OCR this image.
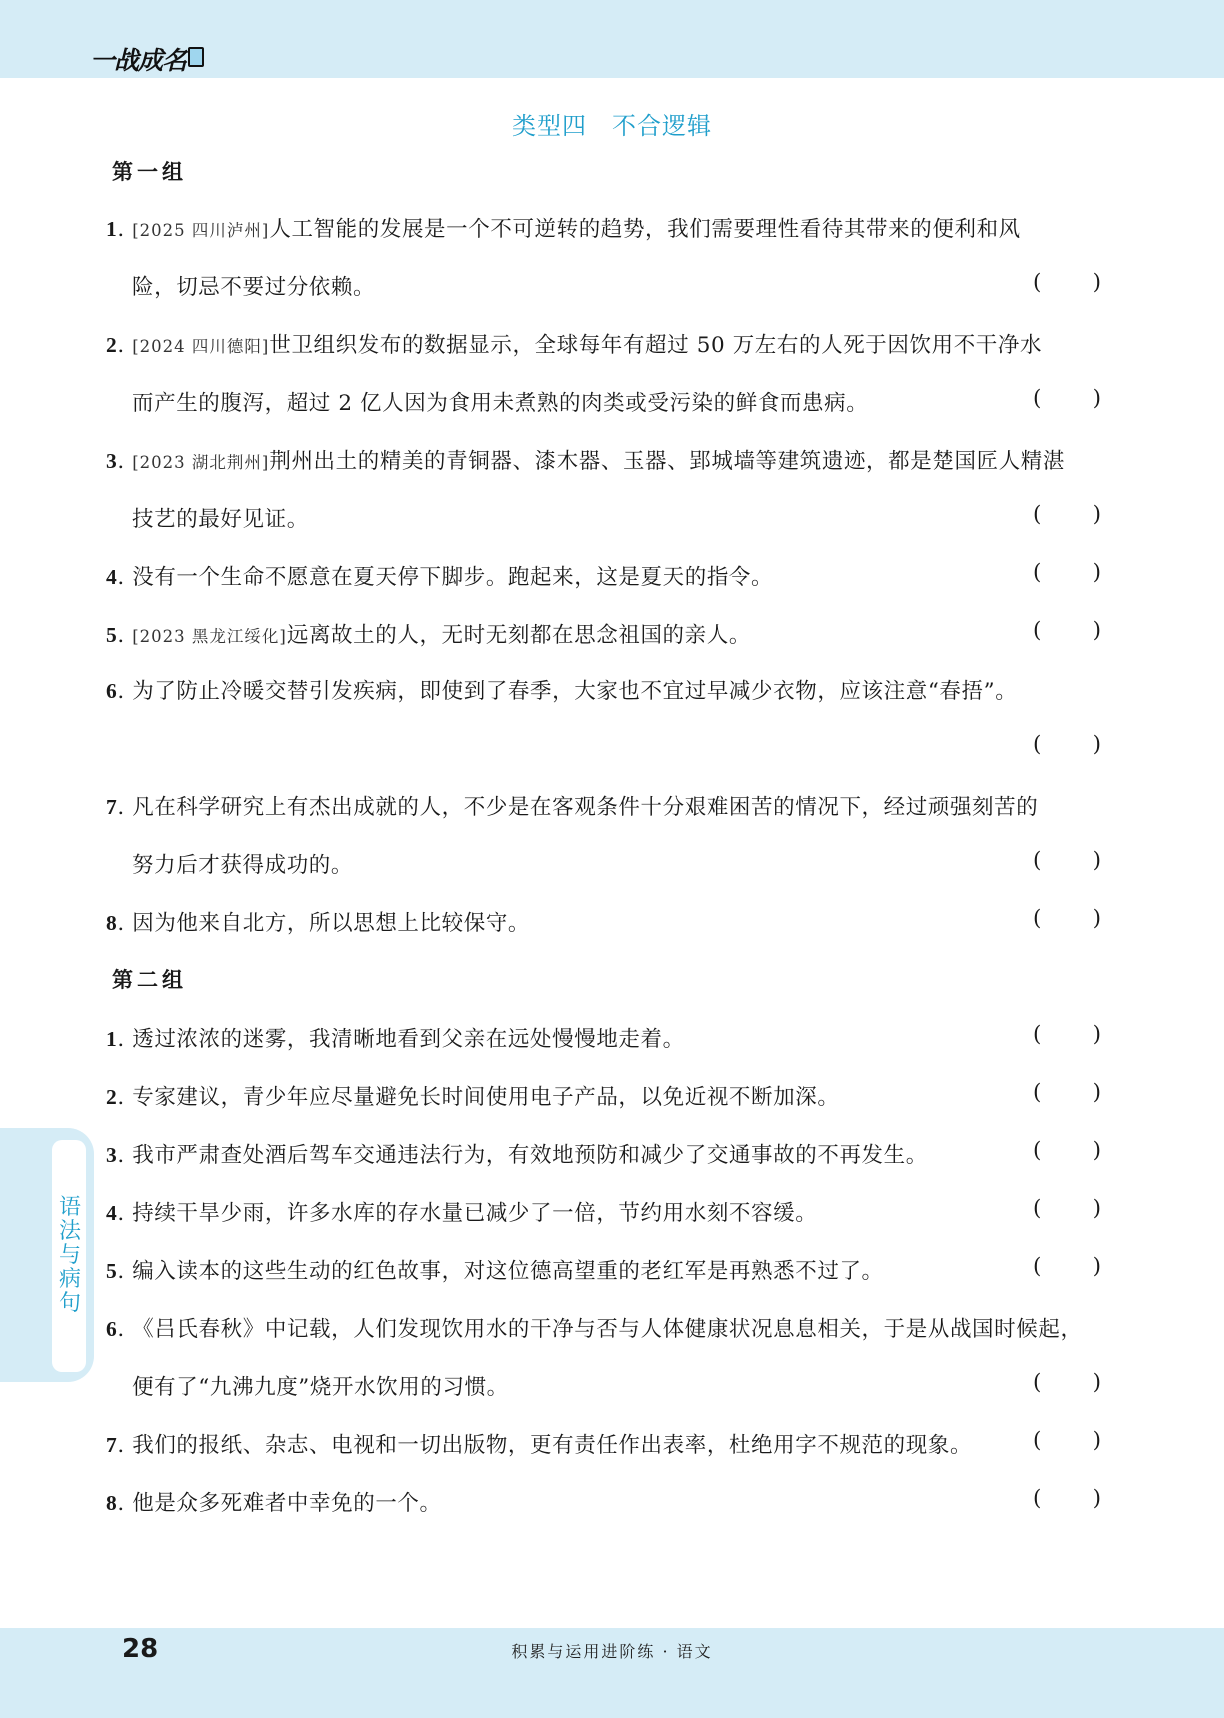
一战成名
类型四　不合逻辑
第一组
1. [2025 四川泸州]人工智能的发展是一个不可逆转的趋势，我们需要理性看待其带来的便利和风
险，切忌不要过分依赖。	( )
2. [2024 四川德阳]世卫组织发布的数据显示，全球每年有超过 50 万左右的人死于因饮用不干净水
而产生的腹泻，超过 2 亿人因为食用未煮熟的肉类或受污染的鲜食而患病。	( )
3. [2023 湖北荆州]荆州出土的精美的青铜器、漆木器、玉器、郢城墙等建筑遗迹，都是楚国匠人精湛
技艺的最好见证。	( )
4. 没有一个生命不愿意在夏天停下脚步。跑起来，这是夏天的指令。	( )
5. [2023 黑龙江绥化]远离故土的人，无时无刻都在思念祖国的亲人。	( )
6. 为了防止冷暖交替引发疾病，即使到了春季，大家也不宜过早减少衣物，应该注意“春捂”。
( )
7. 凡在科学研究上有杰出成就的人，不少是在客观条件十分艰难困苦的情况下，经过顽强刻苦的
努力后才获得成功的。	( )
8. 因为他来自北方，所以思想上比较保守。	( )
第二组
1. 透过浓浓的迷雾，我清晰地看到父亲在远处慢慢地走着。	( )
2. 专家建议，青少年应尽量避免长时间使用电子产品，以免近视不断加深。	( )
3. 我市严肃查处酒后驾车交通违法行为，有效地预防和减少了交通事故的不再发生。	( )
4. 持续干旱少雨，许多水库的存水量已减少了一倍，节约用水刻不容缓。	( )
5. 编入读本的这些生动的红色故事，对这位德高望重的老红军是再熟悉不过了。	( )
6. 《吕氏春秋》中记载，人们发现饮用水的干净与否与人体健康状况息息相关，于是从战国时候起，
便有了“九沸九度”烧开水饮用的习惯。	( )
7. 我们的报纸、杂志、电视和一切出版物，更有责任作出表率，杜绝用字不规范的现象。	( )
8. 他是众多死难者中幸免的一个。	( )
语法与病句
28	积累与运用进阶练 · 语文
